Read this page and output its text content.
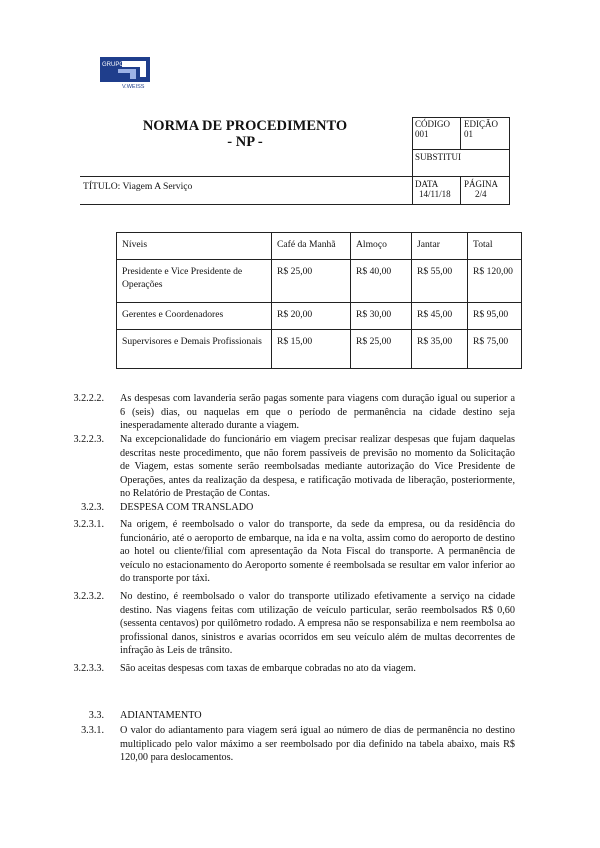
GRUPO
V.WEISS
NORMA DE PROCEDIMENTO
- NP -
CÓDIGO
001
EDIÇÃO
01
SUBSTITUI
TÍTULO: Viagem A Serviço	DATA
14/11/18
PÁGINA
2/4
Níveis	Café da Manhã	Almoço	Jantar	Total
Presidente e Vice Presidente de Operações	R$ 25,00	R$ 40,00	R$ 55,00	R$ 120,00
Gerentes e Coordenadores	R$ 20,00	R$ 30,00	R$ 45,00	R$ 95,00
Supervisores e Demais Profissionais	R$ 15,00	R$ 25,00	R$ 35,00	R$ 75,00
3.2.2.2. As despesas com lavanderia serão pagas somente para viagens com duração igual ou superior a 6 (seis) dias, ou naquelas em que o período de permanência na cidade destino seja inesperadamente alterado durante a viagem.
3.2.2.3. Na excepcionalidade do funcionário em viagem precisar realizar despesas que fujam daquelas descritas neste procedimento, que não forem passíveis de previsão no momento da Solicitação de Viagem, estas somente serão reembolsadas mediante autorização do Vice Presidente de Operações, antes da realização da despesa, e ratificação motivada de liberação, posteriormente, no Relatório de Prestação de Contas.
3.2.3. DESPESA COM TRANSLADO
3.2.3.1. Na origem, é reembolsado o valor do transporte, da sede da empresa, ou da residência do funcionário, até o aeroporto de embarque, na ida e na volta, assim como do aeroporto de destino ao hotel ou cliente/filial com apresentação da Nota Fiscal do transporte. A permanência de veículo no estacionamento do Aeroporto somente é reembolsada se resultar em valor inferior ao do transporte por táxi.
3.2.3.2. No destino, é reembolsado o valor do transporte utilizado efetivamente a serviço na cidade destino. Nas viagens feitas com utilização de veículo particular, serão reembolsados R$ 0,60 (sessenta centavos) por quilômetro rodado. A empresa não se responsabiliza e nem reembolsa ao profissional danos, sinistros e avarias ocorridos em seu veículo além de multas decorrentes de infração às Leis de trânsito.
3.2.3.3. São aceitas despesas com taxas de embarque cobradas no ato da viagem.
3.3. ADIANTAMENTO
3.3.1. O valor do adiantamento para viagem será igual ao número de dias de permanência no destino multiplicado pelo valor máximo a ser reembolsado por dia definido na tabela abaixo, mais R$ 120,00 para deslocamentos.
